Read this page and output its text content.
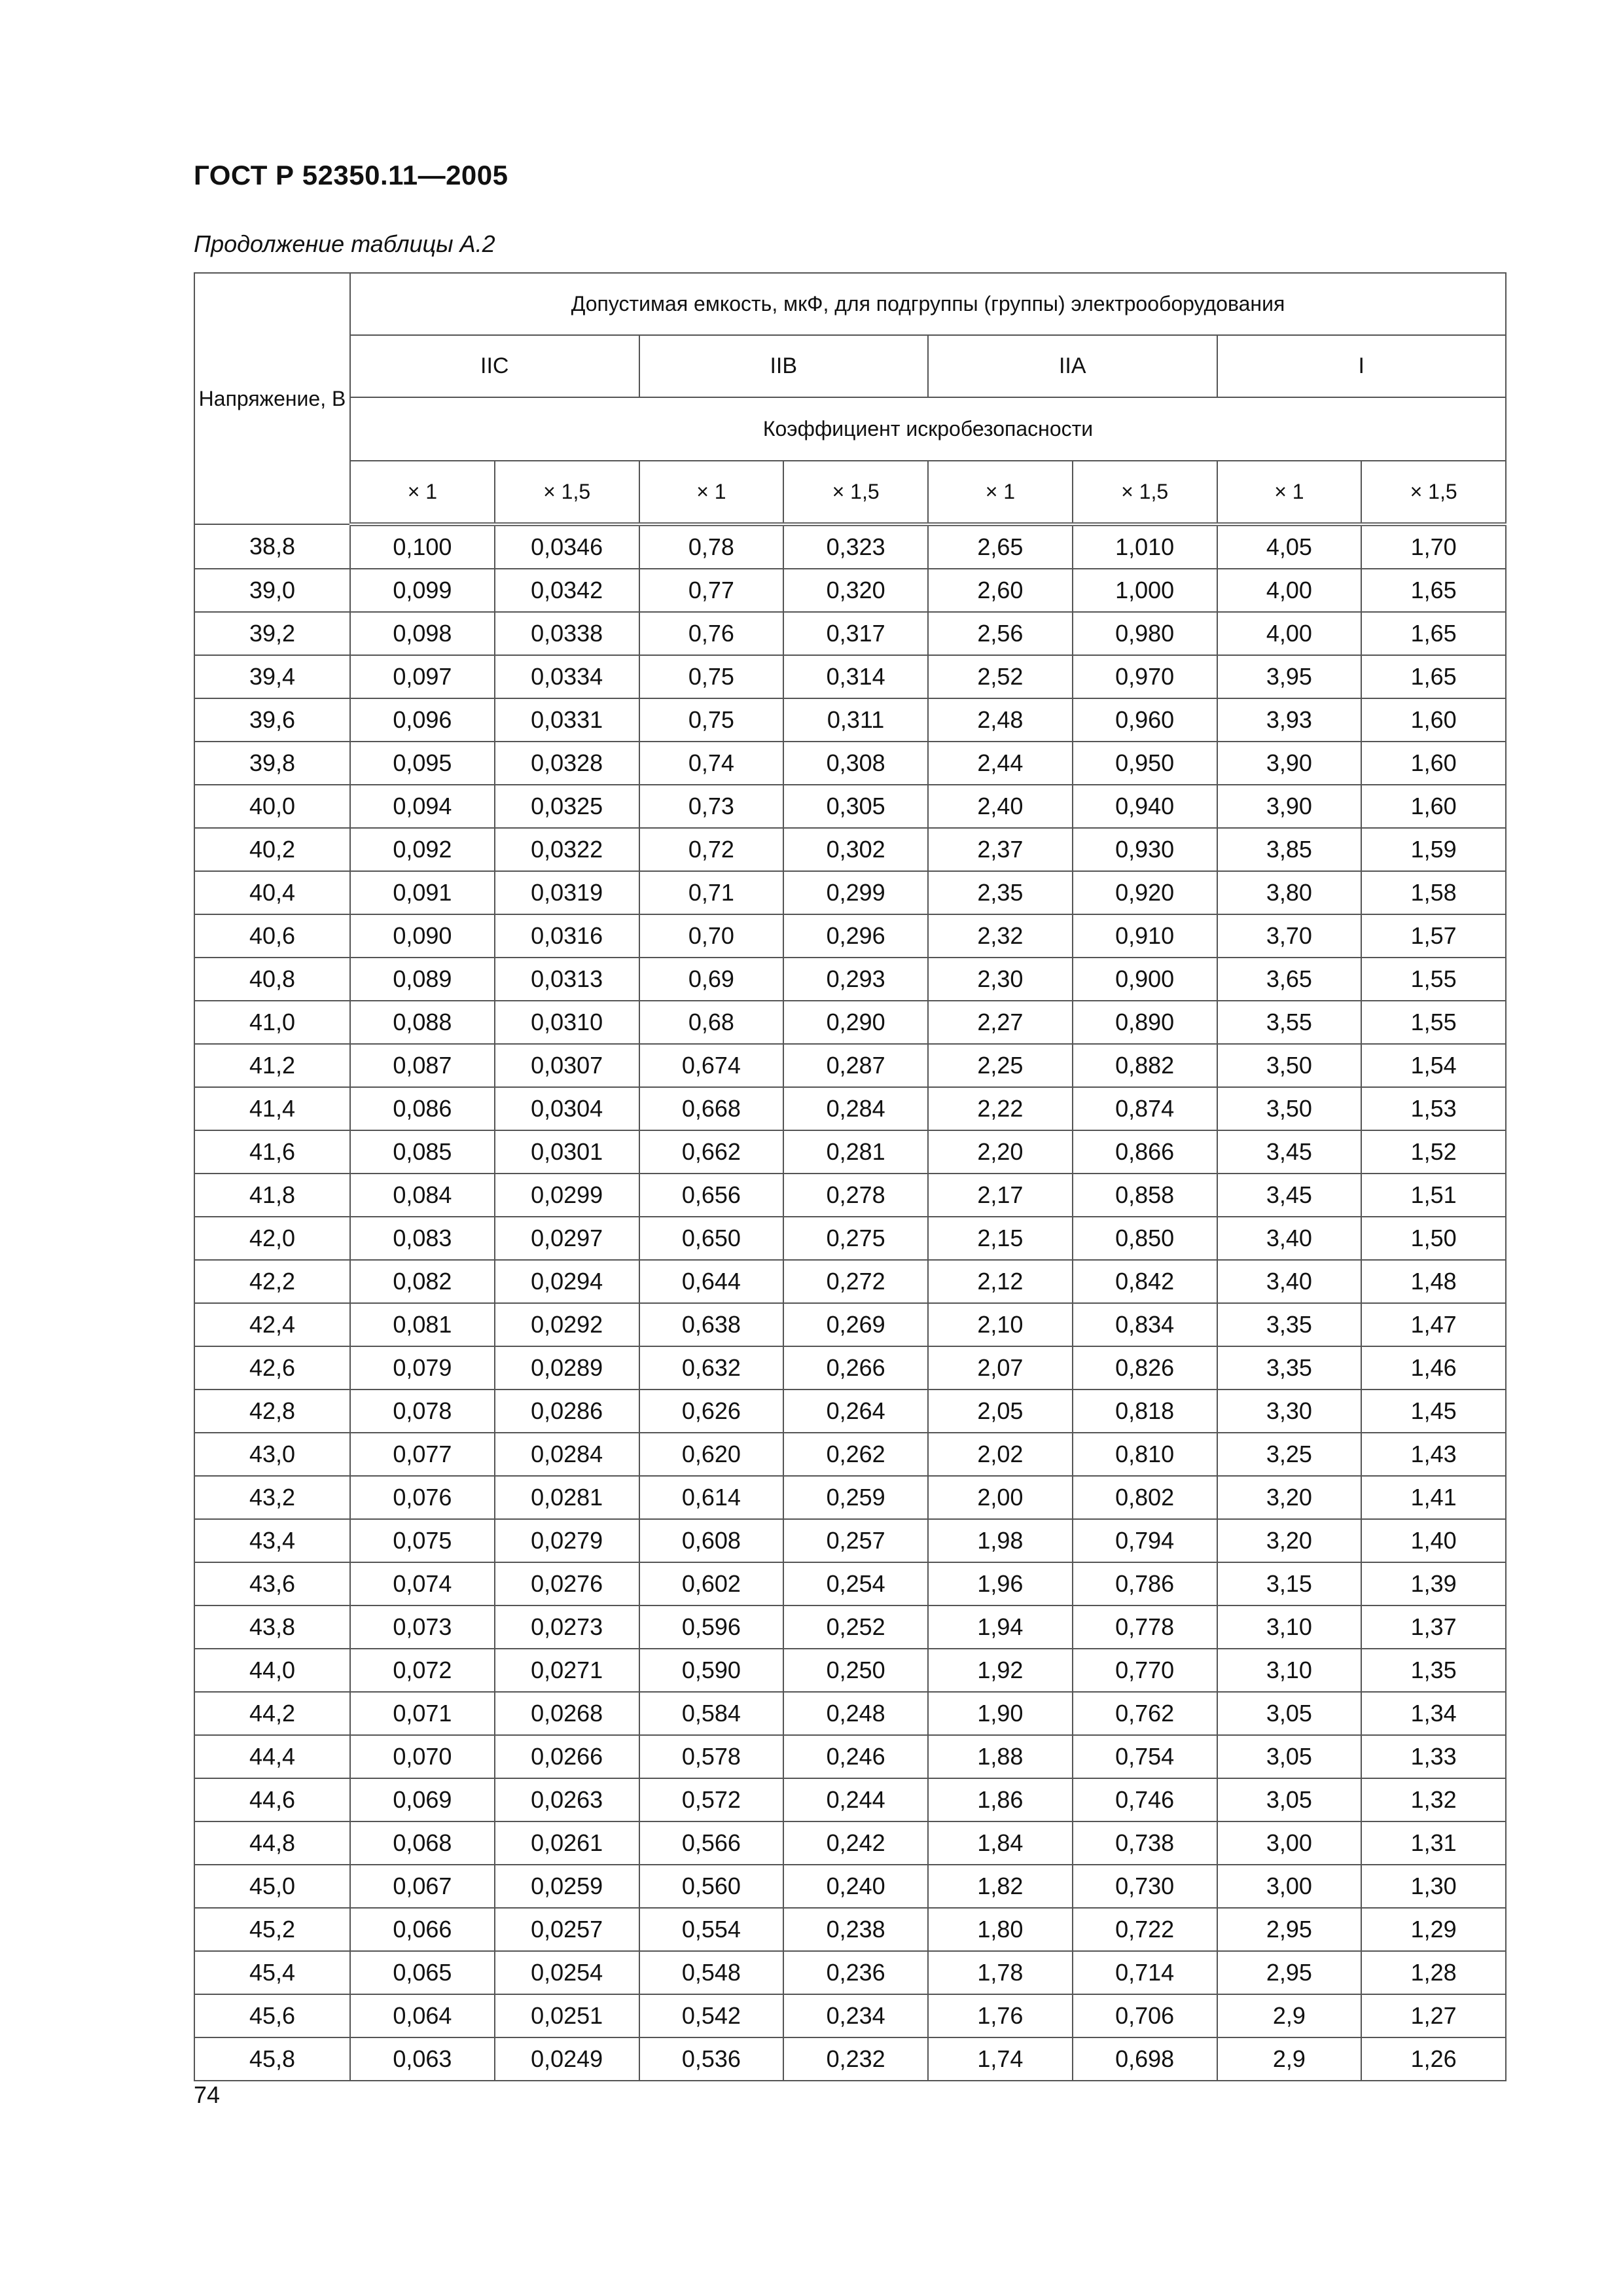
ГОСТ Р 52350.11—2005
Продолжение таблицы А.2
Напряжение, В	Допустимая емкость, мкФ, для подгруппы (группы) электрооборудования							
	IIC		IIB		IIA		I	
	Коэффициент искробезопасности							
	× 1	× 1,5	× 1	× 1,5	× 1	× 1,5	× 1	× 1,5
38,8	0,100	0,0346	0,78	0,323	2,65	1,010	4,05	1,70
39,0	0,099	0,0342	0,77	0,320	2,60	1,000	4,00	1,65
39,2	0,098	0,0338	0,76	0,317	2,56	0,980	4,00	1,65
39,4	0,097	0,0334	0,75	0,314	2,52	0,970	3,95	1,65
39,6	0,096	0,0331	0,75	0,311	2,48	0,960	3,93	1,60
39,8	0,095	0,0328	0,74	0,308	2,44	0,950	3,90	1,60
40,0	0,094	0,0325	0,73	0,305	2,40	0,940	3,90	1,60
40,2	0,092	0,0322	0,72	0,302	2,37	0,930	3,85	1,59
40,4	0,091	0,0319	0,71	0,299	2,35	0,920	3,80	1,58
40,6	0,090	0,0316	0,70	0,296	2,32	0,910	3,70	1,57
40,8	0,089	0,0313	0,69	0,293	2,30	0,900	3,65	1,55
41,0	0,088	0,0310	0,68	0,290	2,27	0,890	3,55	1,55
41,2	0,087	0,0307	0,674	0,287	2,25	0,882	3,50	1,54
41,4	0,086	0,0304	0,668	0,284	2,22	0,874	3,50	1,53
41,6	0,085	0,0301	0,662	0,281	2,20	0,866	3,45	1,52
41,8	0,084	0,0299	0,656	0,278	2,17	0,858	3,45	1,51
42,0	0,083	0,0297	0,650	0,275	2,15	0,850	3,40	1,50
42,2	0,082	0,0294	0,644	0,272	2,12	0,842	3,40	1,48
42,4	0,081	0,0292	0,638	0,269	2,10	0,834	3,35	1,47
42,6	0,079	0,0289	0,632	0,266	2,07	0,826	3,35	1,46
42,8	0,078	0,0286	0,626	0,264	2,05	0,818	3,30	1,45
43,0	0,077	0,0284	0,620	0,262	2,02	0,810	3,25	1,43
43,2	0,076	0,0281	0,614	0,259	2,00	0,802	3,20	1,41
43,4	0,075	0,0279	0,608	0,257	1,98	0,794	3,20	1,40
43,6	0,074	0,0276	0,602	0,254	1,96	0,786	3,15	1,39
43,8	0,073	0,0273	0,596	0,252	1,94	0,778	3,10	1,37
44,0	0,072	0,0271	0,590	0,250	1,92	0,770	3,10	1,35
44,2	0,071	0,0268	0,584	0,248	1,90	0,762	3,05	1,34
44,4	0,070	0,0266	0,578	0,246	1,88	0,754	3,05	1,33
44,6	0,069	0,0263	0,572	0,244	1,86	0,746	3,05	1,32
44,8	0,068	0,0261	0,566	0,242	1,84	0,738	3,00	1,31
45,0	0,067	0,0259	0,560	0,240	1,82	0,730	3,00	1,30
45,2	0,066	0,0257	0,554	0,238	1,80	0,722	2,95	1,29
45,4	0,065	0,0254	0,548	0,236	1,78	0,714	2,95	1,28
45,6	0,064	0,0251	0,542	0,234	1,76	0,706	2,9	1,27
45,8	0,063	0,0249	0,536	0,232	1,74	0,698	2,9	1,26
74
